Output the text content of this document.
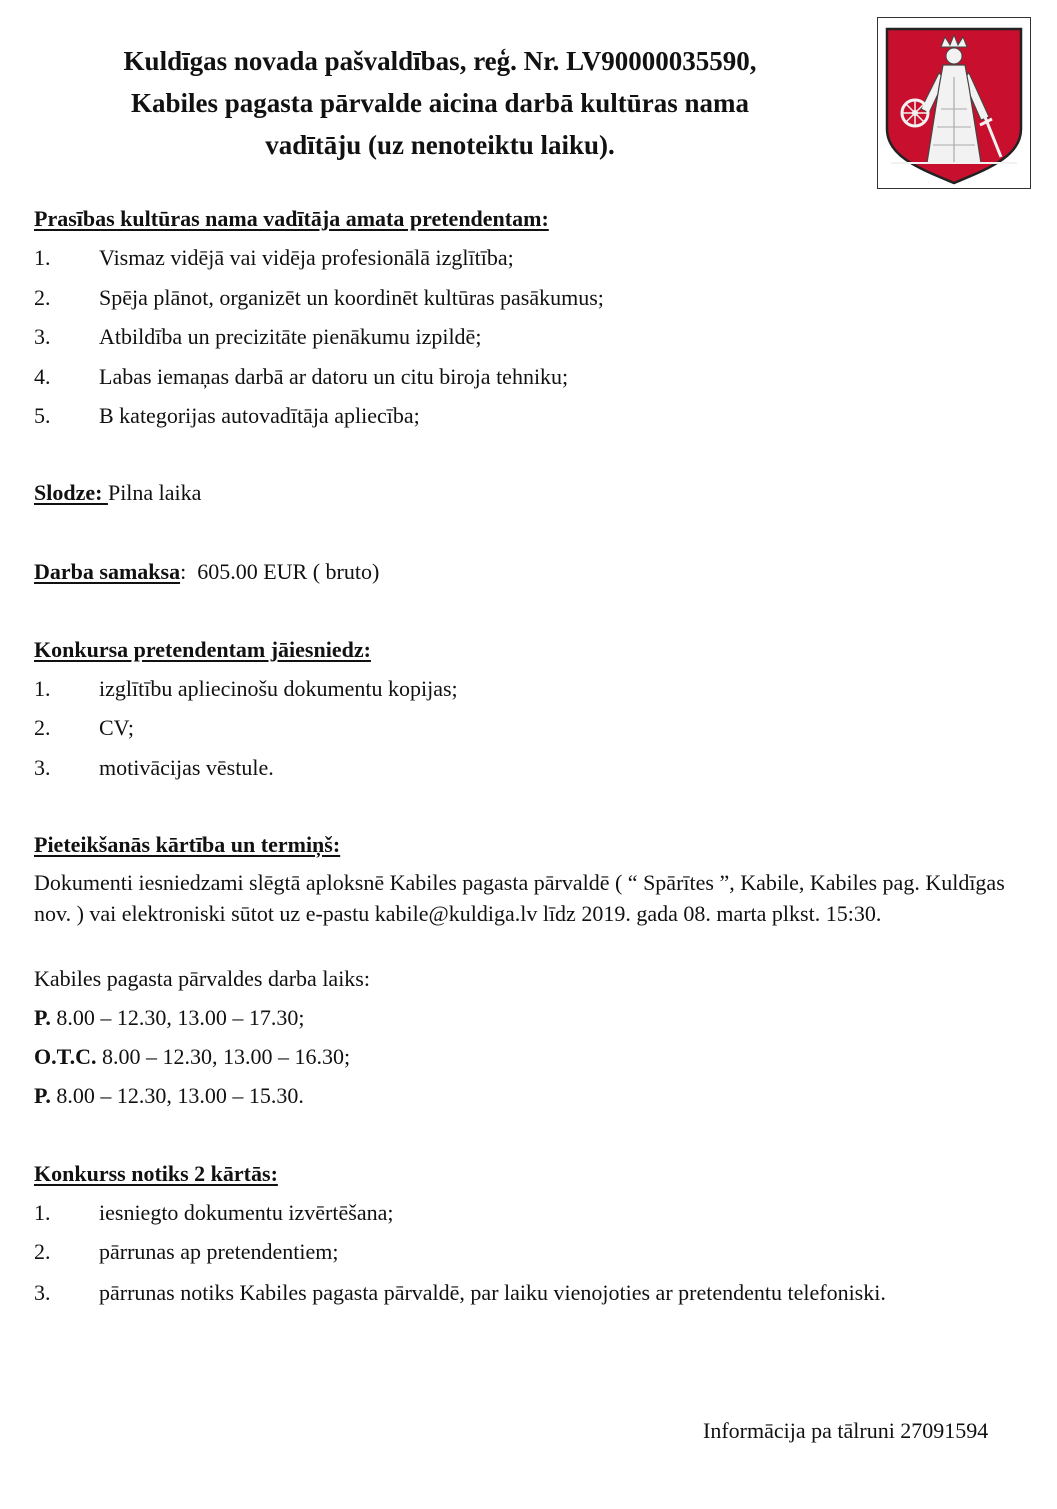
Kuldīgas novada pašvaldības, reģ. Nr. LV90000035590,
Kabiles pagasta pārvalde aicina darbā kultūras nama
vadītāju (uz nenoteiktu laiku).
Prasības kultūras nama vadītāja amata pretendentam:
1. Vismaz vidējā vai vidēja profesionālā izglītība;
2. Spēja plānot, organizēt un koordinēt kultūras pasākumus;
3. Atbildība un precizitāte pienākumu izpildē;
4. Labas iemaņas darbā ar datoru un citu biroja tehniku;
5. B kategorijas autovadītāja apliecība;
Slodze: Pilna laika
Darba samaksa:  605.00 EUR ( bruto)
Konkursa pretendentam jāiesniedz:
1. izglītību apliecinošu dokumentu kopijas;
2. CV;
3. motivācijas vēstule.
Pieteikšanās kārtība un termiņš:
Dokumenti iesniedzami slēgtā aploksnē Kabiles pagasta pārvaldē ( “ Spārītes ”, Kabile, Kabiles pag. Kuldīgas nov. ) vai elektroniski sūtot uz e-pastu kabile@kuldiga.lv līdz 2019. gada 08. marta plkst. 15:30.
Kabiles pagasta pārvaldes darba laiks:
P. 8.00 – 12.30, 13.00 – 17.30;
O.T.C. 8.00 – 12.30, 13.00 – 16.30;
P. 8.00 – 12.30, 13.00 – 15.30.
Konkurss notiks 2 kārtās:
1. iesniegto dokumentu izvērtēšana;
2. pārrunas ap pretendentiem;
3. pārrunas notiks Kabiles pagasta pārvaldē, par laiku vienojoties ar pretendentu telefoniski.
Informācija pa tālruni 27091594
